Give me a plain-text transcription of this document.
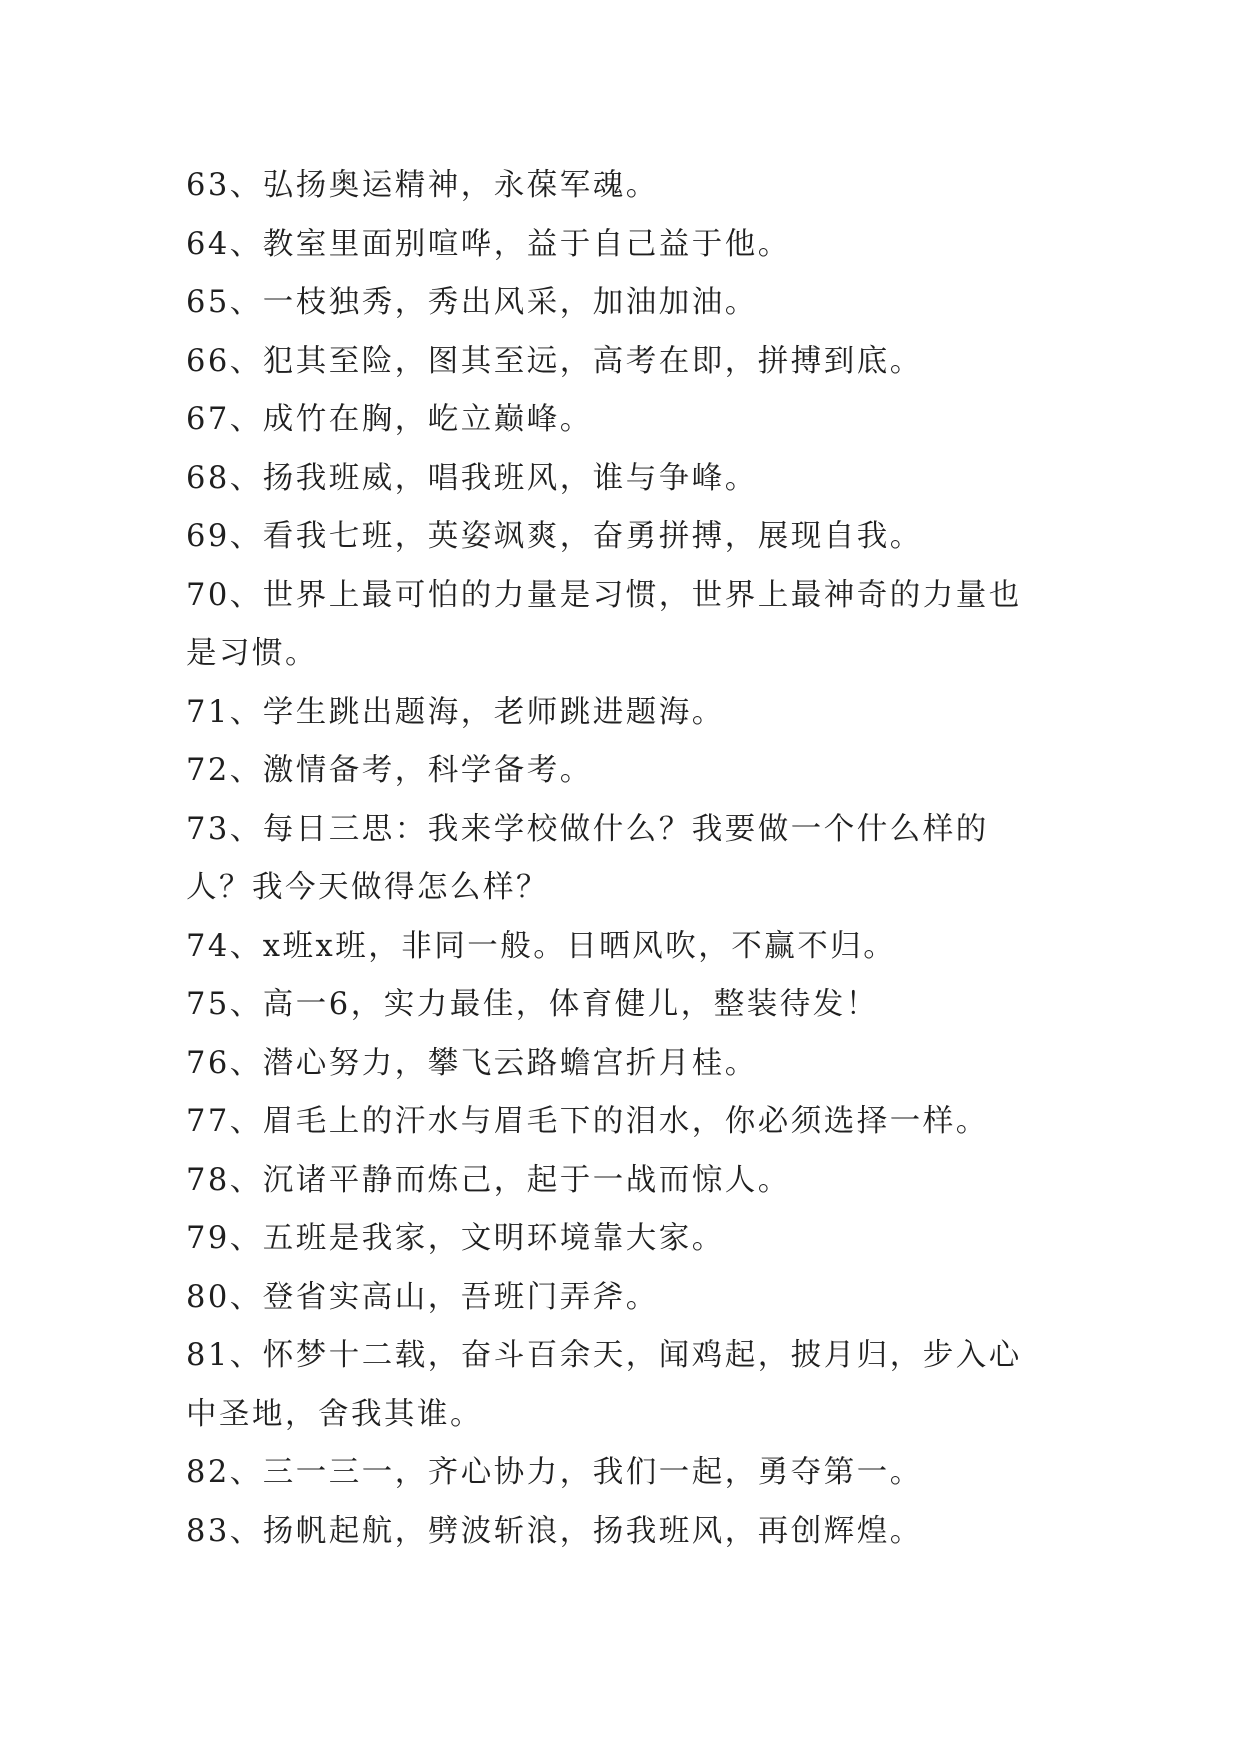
63、弘扬奥运精神，永葆军魂。
64、教室里面别喧哗，益于自己益于他。
65、一枝独秀，秀出风采，加油加油。
66、犯其至险，图其至远，高考在即，拼搏到底。
67、成竹在胸，屹立巅峰。
68、扬我班威，唱我班风，谁与争峰。
69、看我七班，英姿飒爽，奋勇拼搏，展现自我。
70、世界上最可怕的力量是习惯，世界上最神奇的力量也是习惯。
71、学生跳出题海，老师跳进题海。
72、激情备考，科学备考。
73、每日三思：我来学校做什么？我要做一个什么样的人？我今天做得怎么样？
74、x班x班，非同一般。日晒风吹，不赢不归。
75、高一6，实力最佳，体育健儿，整装待发！
76、潜心努力，攀飞云路蟾宫折月桂。
77、眉毛上的汗水与眉毛下的泪水，你必须选择一样。
78、沉诸平静而炼己，起于一战而惊人。
79、五班是我家，文明环境靠大家。
80、登省实高山，吾班门弄斧。
81、怀梦十二载，奋斗百余天，闻鸡起，披月归，步入心中圣地，舍我其谁。
82、三一三一，齐心协力，我们一起，勇夺第一。
83、扬帆起航，劈波斩浪，扬我班风，再创辉煌。
